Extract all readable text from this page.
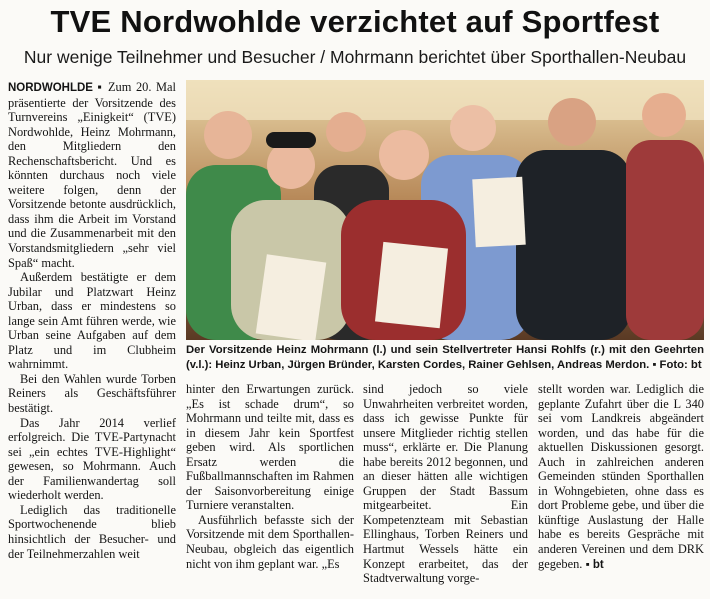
TVE Nordwohlde verzichtet auf Sportfest
Nur wenige Teilnehmer und Besucher / Mohrmann berichtet über Sporthallen-Neubau

NORDWOHLDE ▪ Zum 20. Mal präsentierte der Vorsitzende des Turnvereins „Einigkeit“ (TVE) Nordwohlde, Heinz Mohrmann, den Mitgliedern den Rechenschaftsbericht. Und es könnten durchaus noch viele weitere folgen, denn der Vorsitzende betonte ausdrücklich, dass ihm die Arbeit im Vorstand und die Zusammenarbeit mit den Vorstandsmitgliedern „sehr viel Spaß“ macht.

Außerdem bestätigte er dem Jubilar und Platzwart Heinz Urban, dass er mindestens so lange sein Amt führen werde, wie Urban seine Aufgaben auf dem Platz und im Clubheim wahrnimmt.

Bei den Wahlen wurde Torben Reiners als Geschäftsführer bestätigt.

Das Jahr 2014 verlief erfolgreich. Die TVE-Partynacht sei „ein echtes TVE-Highlight“ gewesen, so Mohrmann. Auch der Familienwandertag soll wiederholt werden.

Lediglich das traditionelle Sportwochenende blieb hinsichtlich der Besucher- und der Teilnehmerzahlen weit

Der Vorsitzende Heinz Mohrmann (l.) und sein Stellvertreter Hansi Rohlfs (r.) mit den Geehrten (v.l.): Heinz Urban, Jürgen Bründer, Karsten Cordes, Rainer Gehlsen, Andreas Merdon. ▪ Foto: bt

hinter den Erwartungen zurück. „Es ist schade drum“, so Mohrmann und teilte mit, dass es in diesem Jahr kein Sportfest geben wird. Als sportlichen Ersatz werden die Fußballmannschaften im Rahmen der Saisonvorbereitung einige Turniere veranstalten.

Ausführlich befasste sich der Vorsitzende mit dem Sporthallen-Neubau, obgleich das eigentlich nicht von ihm geplant war. „Es

sind jedoch so viele Unwahrheiten verbreitet worden, dass ich gewisse Punkte für unsere Mitglieder richtig stellen muss“, erklärte er. Die Planung habe bereits 2012 begonnen, und an dieser hätten alle wichtigen Gruppen der Stadt Bassum mitgearbeitet. Ein Kompetenzteam mit Sebastian Ellinghaus, Torben Reiners und Hartmut Wessels hätte ein Konzept erarbeitet, das der Stadtverwaltung vorge-

stellt worden war. Lediglich die geplante Zufahrt über die L 340 sei vom Landkreis abgeändert worden, und das habe für die aktuellen Diskussionen gesorgt. Auch in zahlreichen anderen Gemeinden stünden Sporthallen in Wohngebieten, ohne dass es dort Probleme gebe, und über die künftige Auslastung der Halle habe es bereits Gespräche mit anderen Vereinen und dem DRK gegeben. ▪ bt
